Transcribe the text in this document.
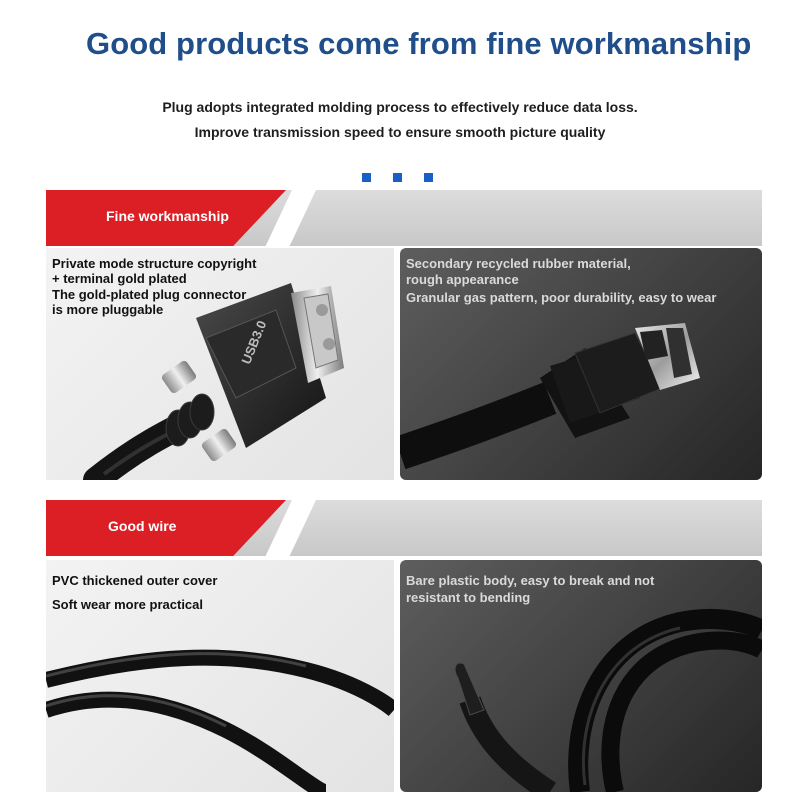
Good products come from fine workmanship
Plug adopts integrated molding process to effectively reduce data loss.
Improve transmission speed to ensure smooth picture quality
Fine workmanship
USB3.0
Private mode structure copyright
+ terminal gold plated
The gold-plated plug connector
is more pluggable
Secondary recycled rubber material,
rough appearance
Granular gas pattern, poor durability, easy to wear
Good wire
PVC thickened outer cover
Soft wear more practical
Bare plastic body, easy to break and not
resistant to bending
